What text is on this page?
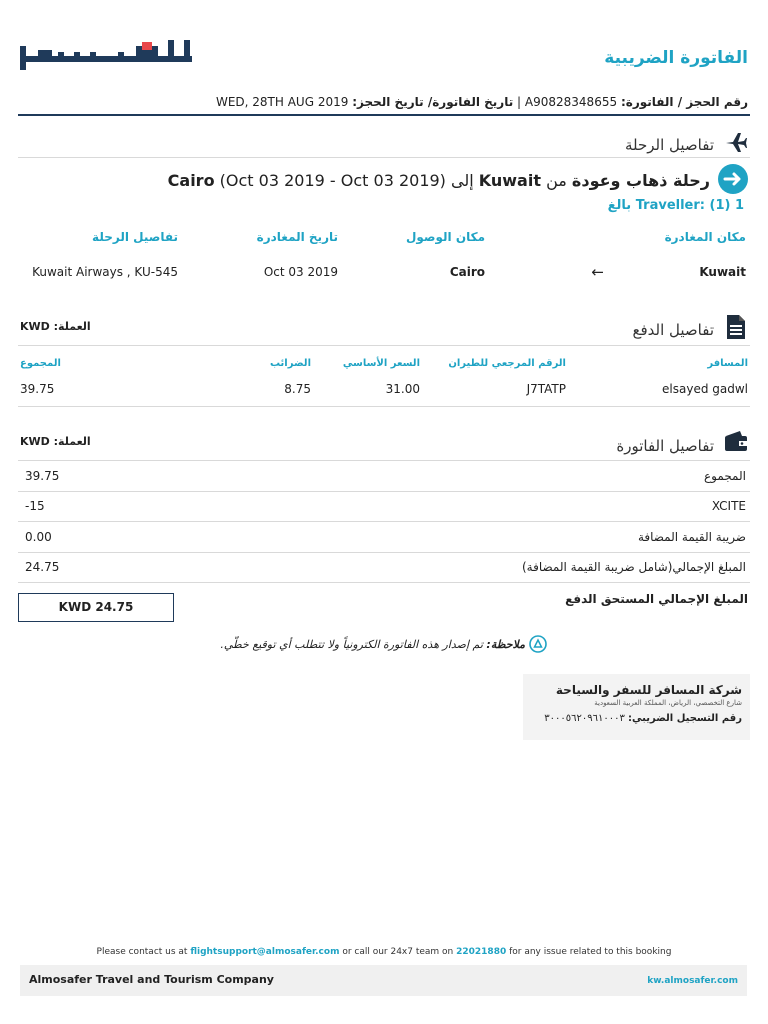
الفاتورة الضريبية
رقم الحجز / الفاتورة: A90828348655 | تاريخ الفاتورة/ تاريخ الحجز: WED, 28TH AUG 2019
تفاصيل الرحلة
رحلة ذهاب وعودة من Kuwait إلى Cairo (Oct 03 2019 - Oct 03 2019)
Traveller: (1) 1 بالغ
مكان المغادرة
مكان الوصول
تاريخ المغادرة
تفاصيل الرحلة
Kuwait
←
Cairo
Oct 03 2019
Kuwait Airways , KU-545
تفاصيل الدفع
العملة: KWD
المسافر
الرقم المرجعي للطيران
السعر الأساسي
الضرائب
المجموع
elsayed gadwl
J7TATP
31.00
8.75
39.75
تفاصيل الفاتورة
العملة: KWD
المجموع
39.75
XCITE
-15
ضريبة القيمة المضافة
0.00
المبلغ الإجمالي(شامل ضريبة القيمة المضافة)
24.75
المبلغ الإجمالي المستحق الدفع
KWD 24.75
ملاحظة: تم إصدار هذه الفاتورة الكترونياً ولا تتطلب أي توقيع خطّي.
شركة المسافر للسفر والسياحة
شارع التخصصي، الرياض، المملكة العربية السعودية
رقم التسجيل الضريبي: ٣٠٠٠٥٦٢٠٩٦١٠٠٠٣
Please contact us at flightsupport@almosafer.com or call our 24x7 team on 22021880 for any issue related to this booking
Almosafer Travel and Tourism Company	kw.almosafer.com
